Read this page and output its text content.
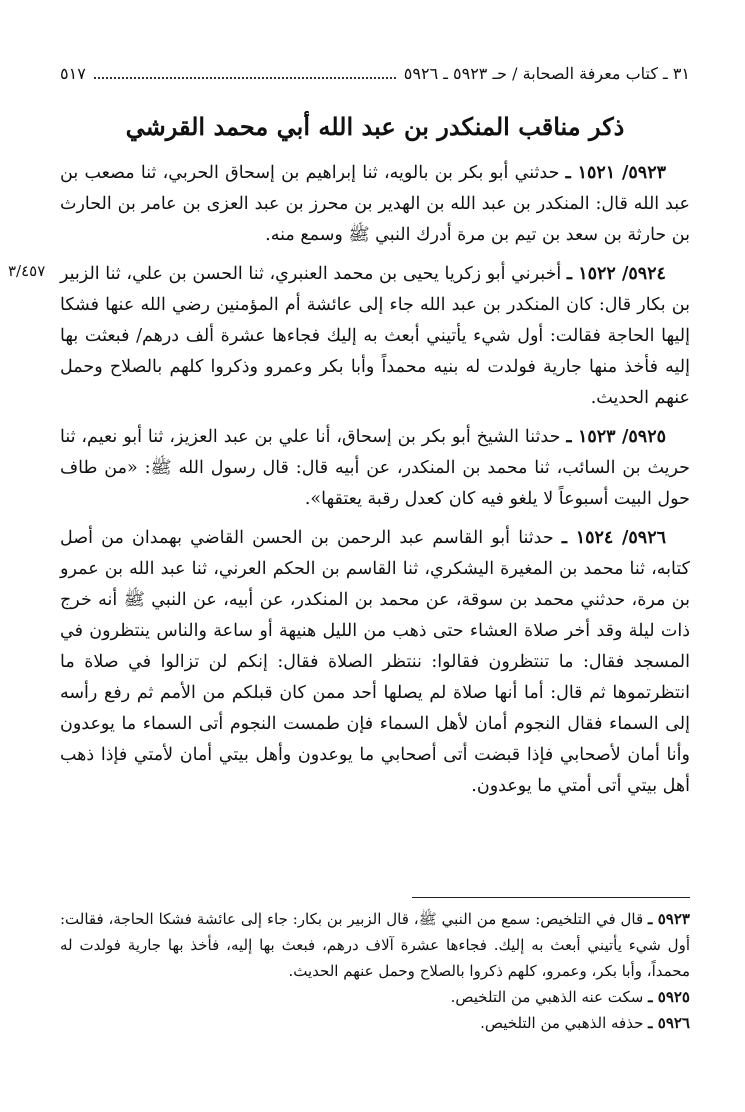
٣١ ـ كتاب معرفة الصحابة / حـ ٥٩٢٣ ـ ٥٩٢٦
٥١٧
ذكر مناقب المنكدر بن عبد الله أبي محمد القرشي

٥٩٢٣/ ١٥٢١ ـ حدثني أبو بكر بن بالويه، ثنا إبراهيم بن إسحاق الحربي، ثنا مصعب بن عبد الله قال: المنكدر بن عبد الله بن الهدير بن محرز بن عبد العزى بن عامر بن الحارث بن حارثة بن سعد بن تيم بن مرة أدرك النبي ﷺ وسمع منه.

٥٩٢٤/ ١٥٢٢ ـ أخبرني أبو زكريا يحيى بن محمد العنبري، ثنا الحسن بن علي، ثنا الزبير بن بكار قال: كان المنكدر بن عبد الله جاء إلى عائشة أم المؤمنين رضي الله عنها فشكا إليها الحاجة فقالت: أول شيء يأتيني أبعث به إليك فجاءها عشرة ألف درهم/ فبعثت بها إليه فأخذ منها جارية فولدت له بنيه محمداً وأبا بكر وعمرو وذكروا كلهم بالصلاح وحمل عنهم الحديث.

٥٩٢٥/ ١٥٢٣ ـ حدثنا الشيخ أبو بكر بن إسحاق، أنا علي بن عبد العزيز، ثنا أبو نعيم، ثنا حريث بن السائب، ثنا محمد بن المنكدر، عن أبيه قال: قال رسول الله ﷺ: «من طاف حول البيت أسبوعاً لا يلغو فيه كان كعدل رقبة يعتقها».

٥٩٢٦/ ١٥٢٤ ـ حدثنا أبو القاسم عبد الرحمن بن الحسن القاضي بهمدان من أصل كتابه، ثنا محمد بن المغيرة اليشكري، ثنا القاسم بن الحكم العرني، ثنا عبد الله بن عمرو بن مرة، حدثني محمد بن سوقة، عن محمد بن المنكدر، عن أبيه، عن النبي ﷺ أنه خرج ذات ليلة وقد أخر صلاة العشاء حتى ذهب من الليل هنيهة أو ساعة والناس ينتظرون في المسجد فقال: ما تنتظرون فقالوا: ننتظر الصلاة فقال: إنكم لن تزالوا في صلاة ما انتظرتموها ثم قال: أما أنها صلاة لم يصلها أحد ممن كان قبلكم من الأمم ثم رفع رأسه إلى السماء فقال النجوم أمان لأهل السماء فإن طمست النجوم أتى السماء ما يوعدون وأنا أمان لأصحابي فإذا قبضت أتى أصحابي ما يوعدون وأهل بيتي أمان لأمتي فإذا ذهب أهل بيتي أتى أمتي ما يوعدون.

٣/٤٥٧

٥٩٢٣ ـ قال في التلخيص: سمع من النبي ﷺ، قال الزبير بن بكار: جاء إلى عائشة فشكا الحاجة، فقالت: أول شيء يأتيني أبعث به إليك. فجاءها عشرة آلاف درهم، فبعث بها إليه، فأخذ بها جارية فولدت له محمداً، وأبا بكر، وعمرو، كلهم ذكروا بالصلاح وحمل عنهم الحديث.

٥٩٢٥ ـ سكت عنه الذهبي من التلخيص.

٥٩٢٦ ـ حذفه الذهبي من التلخيص.
